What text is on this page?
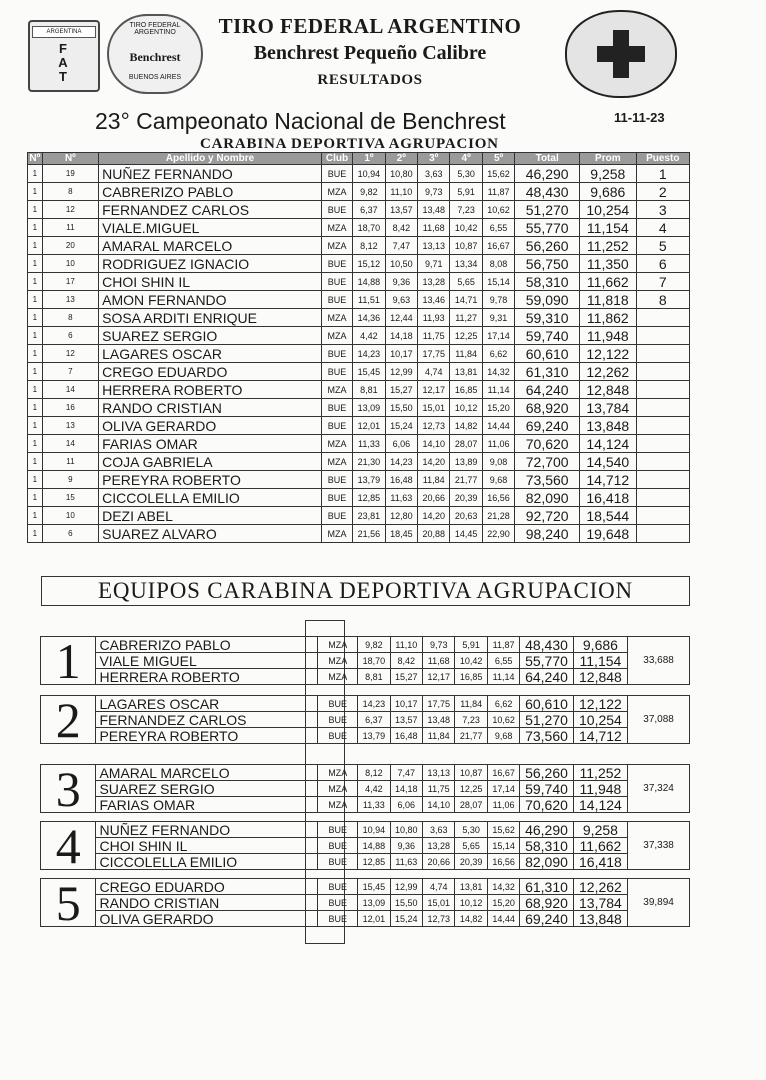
ARGENTINA
F A T
TIRO FEDERAL ARGENTINO
Benchrest
BUENOS AIRES
TIRO FEDERAL ARGENTINO
Benchrest Pequeño Calibre
RESULTADOS
23° Campeonato Nacional de Benchrest	11-11-23
CARABINA DEPORTIVA AGRUPACION
Nº	Nº	Apellido y Nombre	Club	1º	2º	3º	4º	5º	Total	Prom	Puesto
1	19	NUÑEZ FERNANDO	BUE	10,94	10,80	3,63	5,30	15,62	46,290	9,258	1
1	8	CABRERIZO PABLO	MZA	9,82	11,10	9,73	5,91	11,87	48,430	9,686	2
1	12	FERNANDEZ CARLOS	BUE	6,37	13,57	13,48	7,23	10,62	51,270	10,254	3
1	11	VIALE.MIGUEL	MZA	18,70	8,42	11,68	10,42	6,55	55,770	11,154	4
1	20	AMARAL MARCELO	MZA	8,12	7,47	13,13	10,87	16,67	56,260	11,252	5
1	10	RODRIGUEZ IGNACIO	BUE	15,12	10,50	9,71	13,34	8,08	56,750	11,350	6
1	17	CHOI SHIN IL	BUE	14,88	9,36	13,28	5,65	15,14	58,310	11,662	7
1	13	AMON FERNANDO	BUE	11,51	9,63	13,46	14,71	9,78	59,090	11,818	8
1	8	SOSA ARDITI ENRIQUE	MZA	14,36	12,44	11,93	11,27	9,31	59,310	11,862	
1	6	SUAREZ SERGIO	MZA	4,42	14,18	11,75	12,25	17,14	59,740	11,948	
1	12	LAGARES OSCAR	BUE	14,23	10,17	17,75	11,84	6,62	60,610	12,122	
1	7	CREGO EDUARDO	BUE	15,45	12,99	4,74	13,81	14,32	61,310	12,262	
1	14	HERRERA ROBERTO	MZA	8,81	15,27	12,17	16,85	11,14	64,240	12,848	
1	16	RANDO CRISTIAN	BUE	13,09	15,50	15,01	10,12	15,20	68,920	13,784	
1	13	OLIVA GERARDO	BUE	12,01	15,24	12,73	14,82	14,44	69,240	13,848	
1	14	FARIAS OMAR	MZA	11,33	6,06	14,10	28,07	11,06	70,620	14,124	
1	11	COJA GABRIELA	MZA	21,30	14,23	14,20	13,89	9,08	72,700	14,540	
1	9	PEREYRA ROBERTO	BUE	13,79	16,48	11,84	21,77	9,68	73,560	14,712	
1	15	CICCOLELLA EMILIO	BUE	12,85	11,63	20,66	20,39	16,56	82,090	16,418	
1	10	DEZI ABEL	BUE	23,81	12,80	14,20	20,63	21,28	92,720	18,544	
1	6	SUAREZ ALVARO	MZA	21,56	18,45	20,88	14,45	22,90	98,240	19,648	
EQUIPOS CARABINA DEPORTIVA AGRUPACION
1	CABRERIZO PABLO	MZA	9,82	11,10	9,73	5,91	11,87	48,430	9,686	33,688
	VIALE MIGUEL	MZA	18,70	8,42	11,68	10,42	6,55	55,770	11,154	
	HERRERA ROBERTO	MZA	8,81	15,27	12,17	16,85	11,14	64,240	12,848	
2	LAGARES OSCAR	BUE	14,23	10,17	17,75	11,84	6,62	60,610	12,122	37,088
	FERNANDEZ CARLOS	BUE	6,37	13,57	13,48	7,23	10,62	51,270	10,254	
	PEREYRA ROBERTO	BUE	13,79	16,48	11,84	21,77	9,68	73,560	14,712	
3	AMARAL MARCELO	MZA	8,12	7,47	13,13	10,87	16,67	56,260	11,252	37,324
	SUAREZ SERGIO	MZA	4,42	14,18	11,75	12,25	17,14	59,740	11,948	
	FARIAS OMAR	MZA	11,33	6,06	14,10	28,07	11,06	70,620	14,124	
4	NUÑEZ FERNANDO	BUE	10,94	10,80	3,63	5,30	15,62	46,290	9,258	37,338
	CHOI SHIN IL	BUE	14,88	9,36	13,28	5,65	15,14	58,310	11,662	
	CICCOLELLA EMILIO	BUE	12,85	11,63	20,66	20,39	16,56	82,090	16,418	
5	CREGO EDUARDO	BUE	15,45	12,99	4,74	13,81	14,32	61,310	12,262	39,894
	RANDO CRISTIAN	BUE	13,09	15,50	15,01	10,12	15,20	68,920	13,784	
	OLIVA GERARDO	BUE	12,01	15,24	12,73	14,82	14,44	69,240	13,848	
